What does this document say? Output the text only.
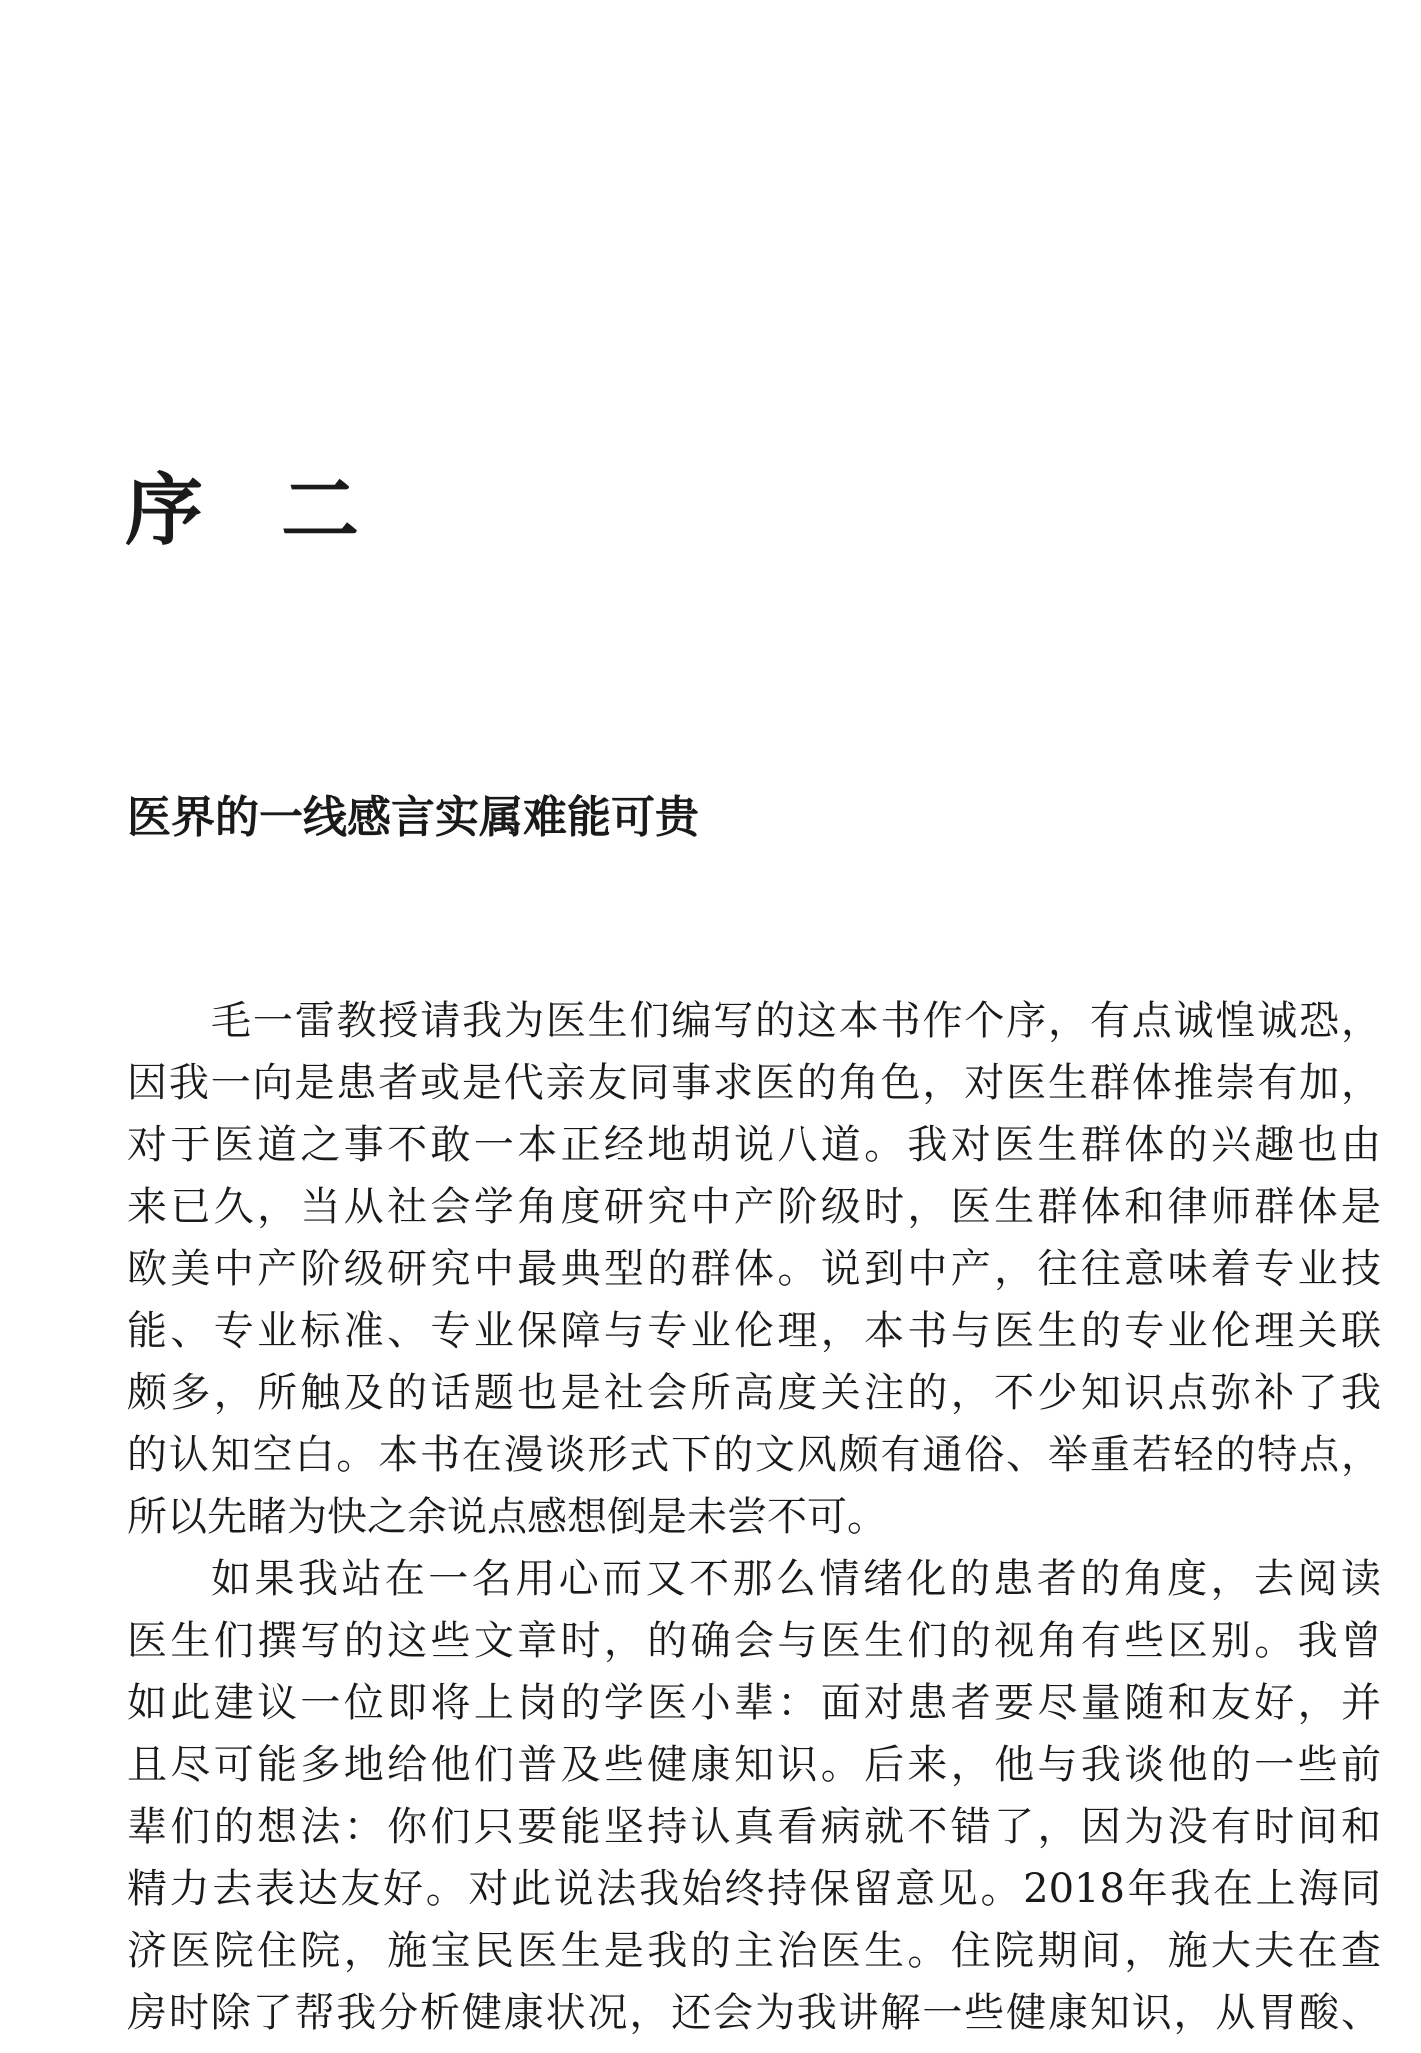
序 二
医界的一线感言实属难能可贵
毛一雷教授请我为医生们编写的这本书作个序，有点诚惶诚恐，
因我一向是患者或是代亲友同事求医的角色，对医生群体推崇有加，
对于医道之事不敢一本正经地胡说八道。我对医生群体的兴趣也由
来已久，当从社会学角度研究中产阶级时，医生群体和律师群体是
欧美中产阶级研究中最典型的群体。说到中产，往往意味着专业技
能、专业标准、专业保障与专业伦理，本书与医生的专业伦理关联
颇多，所触及的话题也是社会所高度关注的，不少知识点弥补了我
的认知空白。本书在漫谈形式下的文风颇有通俗、举重若轻的特点，
所以先睹为快之余说点感想倒是未尝不可。
如果我站在一名用心而又不那么情绪化的患者的角度，去阅读
医生们撰写的这些文章时，的确会与医生们的视角有些区别。我曾
如此建议一位即将上岗的学医小辈：面对患者要尽量随和友好，并
且尽可能多地给他们普及些健康知识。后来，他与我谈他的一些前
辈们的想法：你们只要能坚持认真看病就不错了，因为没有时间和
精力去表达友好。对此说法我始终持保留意见。2018年我在上海同
济医院住院，施宝民医生是我的主治医生。住院期间，施大夫在查
房时除了帮我分析健康状况，还会为我讲解一些健康知识，从胃酸、
